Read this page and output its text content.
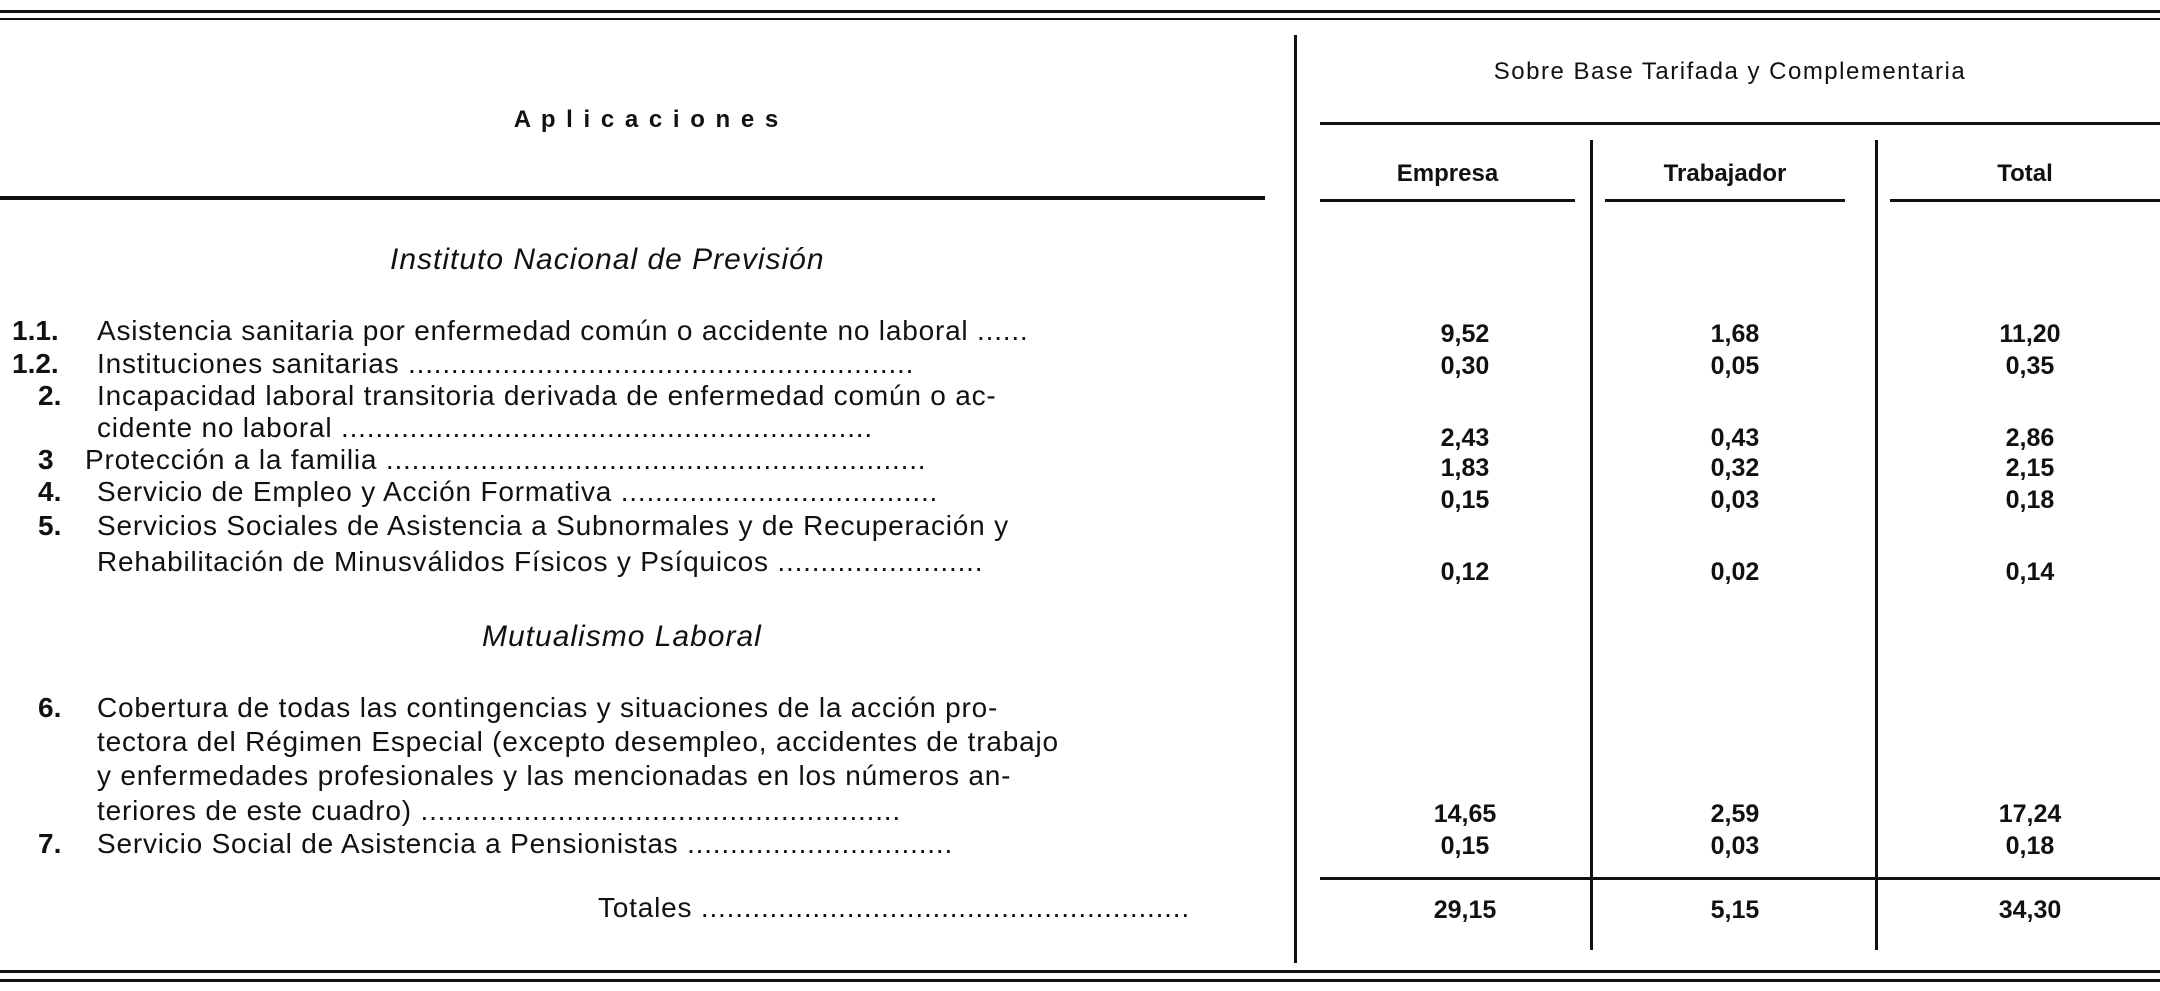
A p l i c a c i o n e s
Sobre Base Tarifada y Complementaria
Empresa	Trabajador	Total
Instituto Nacional de Previsión
1.1. Asistencia sanitaria por enfermedad común o accidente no laboral ......	9,52	1,68	11,20
1.2. Instituciones sanitarias ...........................................................	0,30	0,05	0,35
2. Incapacidad laboral transitoria derivada de enfermedad común o ac-
cidente no laboral ..............................................................	2,43	0,43	2,86
3 Protección a la familia ...............................................................	1,83	0,32	2,15
4. Servicio de Empleo y Acción Formativa .....................................	0,15	0,03	0,18
5. Servicios Sociales de Asistencia a Subnormales y de Recuperación y
Rehabilitación de Minusválidos Físicos y Psíquicos ........................	0,12	0,02	0,14
Mutualismo Laboral
6. Cobertura de todas las contingencias y situaciones de la acción pro-
tectora del Régimen Especial (excepto desempleo, accidentes de trabajo
y enfermedades profesionales y las mencionadas en los números an-
teriores de este cuadro) ........................................................	14,65	2,59	17,24
7. Servicio Social de Asistencia a Pensionistas ...............................	0,15	0,03	0,18
Totales .........................................................	29,15	5,15	34,30
